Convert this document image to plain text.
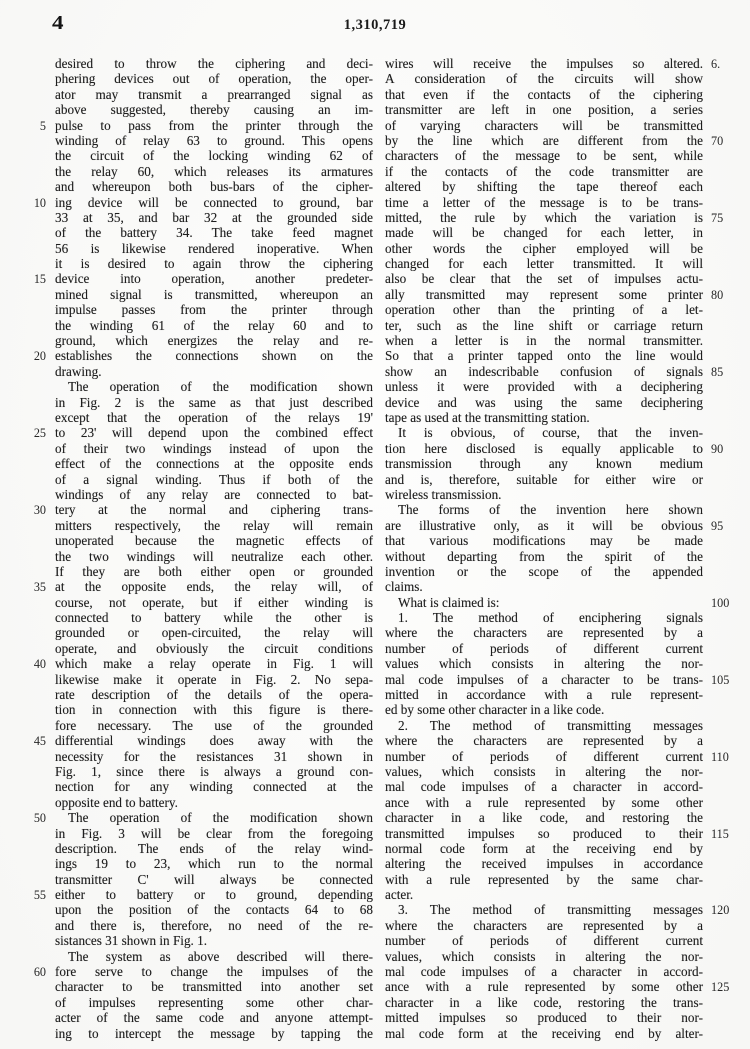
4	1,310,719
desired to throw the ciphering and deci-
phering devices out of operation, the oper-
ator may transmit a prearranged signal as
above suggested, thereby causing an im-
5 pulse to pass from the printer through the
winding of relay 63 to ground. This opens
the circuit of the locking winding 62 of
the relay 60, which releases its armatures
and whereupon both bus-bars of the cipher-
10 ing device will be connected to ground, bar
33 at 35, and bar 32 at the grounded side
of the battery 34. The take feed magnet
56 is likewise rendered inoperative. When
it is desired to again throw the ciphering
15 device into operation, another predeter-
mined signal is transmitted, whereupon an
impulse passes from the printer through
the winding 61 of the relay 60 and to
ground, which energizes the relay and re-
20 establishes the connections shown on the
drawing.
The operation of the modification shown
in Fig. 2 is the same as that just described
except that the operation of the relays 19'
25 to 23' will depend upon the combined effect
of their two windings instead of upon the
effect of the connections at the opposite ends
of a signal winding. Thus if both of the
windings of any relay are connected to bat-
30 tery at the normal and ciphering trans-
mitters respectively, the relay will remain
unoperated because the magnetic effects of
the two windings will neutralize each other.
If they are both either open or grounded
35 at the opposite ends, the relay will, of
course, not operate, but if either winding is
connected to battery while the other is
grounded or open-circuited, the relay will
operate, and obviously the circuit conditions
40 which make a relay operate in Fig. 1 will
likewise make it operate in Fig. 2. No sepa-
rate description of the details of the opera-
tion in connection with this figure is there-
fore necessary. The use of the grounded
45 differential windings does away with the
necessity for the resistances 31 shown in
Fig. 1, since there is always a ground con-
nection for any winding connected at the
opposite end to battery.
50	The operation of the modification shown
in Fig. 3 will be clear from the foregoing
description. The ends of the relay wind-
ings 19 to 23, which run to the normal
transmitter C' will always be connected
55 either to battery or to ground, depending
upon the position of the contacts 64 to 68
and there is, therefore, no need of the re-
sistances 31 shown in Fig. 1.
The system as above described will there-
60 fore serve to change the impulses of the
character to be transmitted into another set
of impulses representing some other char-
acter of the same code and anyone attempt-
ing to intercept the message by tapping the
wires will receive the impulses so altered. 6.
A consideration of the circuits will show
that even if the contacts of the ciphering
transmitter are left in one position, a series
of varying characters will be transmitted
by the line which are different from the 70
characters of the message to be sent, while
if the contacts of the code transmitter are
altered by shifting the tape thereof each
time a letter of the message is to be trans-
mitted, the rule by which the variation is 75
made will be changed for each letter, in
other words the cipher employed will be
changed for each letter transmitted. It will
also be clear that the set of impulses actu-
ally transmitted may represent some printer 80
operation other than the printing of a let-
ter, such as the line shift or carriage return
when a letter is in the normal transmitter.
So that a printer tapped onto the line would
show an indescribable confusion of signals 85
unless it were provided with a deciphering
device and was using the same deciphering
tape as used at the transmitting station.
It is obvious, of course, that the inven-
tion here disclosed is equally applicable to 90
transmission through any known medium
and is, therefore, suitable for either wire or
wireless transmission.
The forms of the invention here shown
are illustrative only, as it will be obvious 95
that various modifications may be made
without departing from the spirit of the
invention or the scope of the appended
claims.
What is claimed is:	100
1. The method of enciphering signals
where the characters are represented by a
number of periods of different current
values which consists in altering the nor-
mal code impulses of a character to be trans- 105
mitted in accordance with a rule represent-
ed by some other character in a like code.
2. The method of transmitting messages
where the characters are represented by a
number of periods of different current 110
values, which consists in altering the nor-
mal code impulses of a character in accord-
ance with a rule represented by some other
character in a like code, and restoring the
transmitted impulses so produced to their 115
normal code form at the receiving end by
altering the received impulses in accordance
with a rule represented by the same char-
acter.
3. The method of transmitting messages 120
where the characters are represented by a
number of periods of different current
values, which consists in altering the nor-
mal code impulses of a character in accord-
ance with a rule represented by some other 125
character in a like code, restoring the trans-
mitted impulses so produced to their nor-
mal code form at the receiving end by alter-
